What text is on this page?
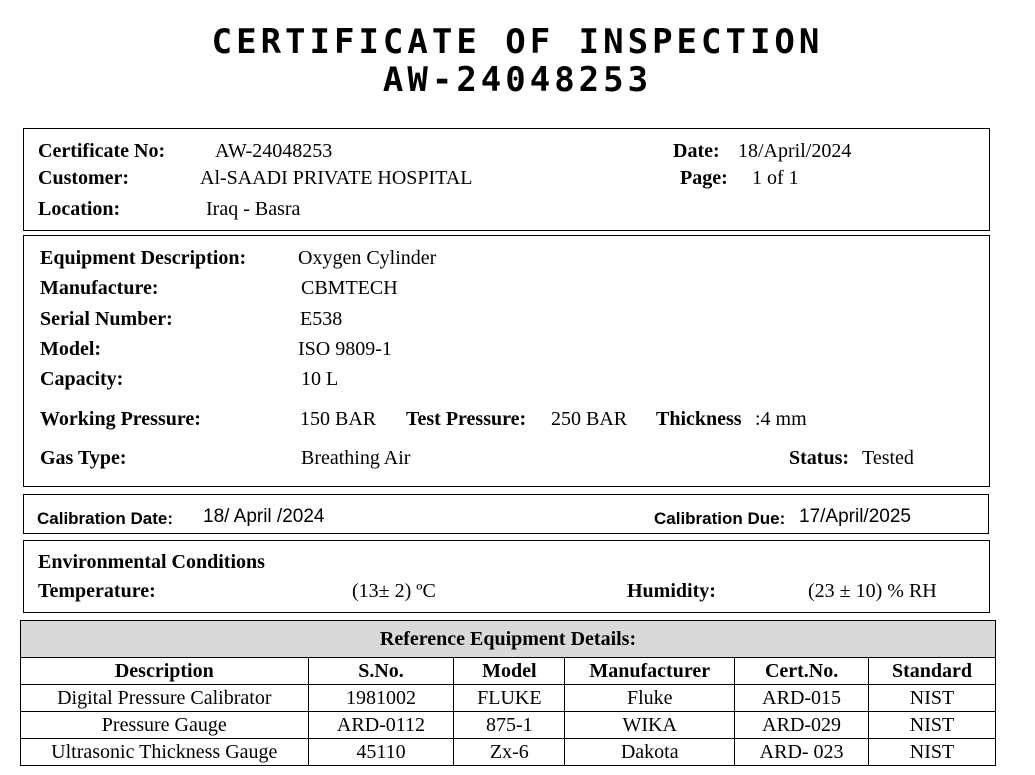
CERTIFICATE OF INSPECTION
AW-24048253
Certificate No: AW-24048253
Customer:	Al-SAADI PRIVATE HOSPITAL
Location:	Iraq - Basra
Date: 18/April/2024
Page: 1 of 1
Equipment Description:	Oxygen Cylinder
Manufacture:	CBMTECH
Serial Number:	E538
Model:	ISO 9809-1
Capacity:	10 L
Working Pressure:	150 BAR Test Pressure: 250 BAR Thickness :4 mm
Gas Type:	Breathing Air	Status: Tested
Calibration Date: 18/ April /2024	Calibration Due: 17/April/2025
Environmental Conditions
Temperature:	(13± 2) ºC	Humidity:	(23 ± 10) % RH
Reference Equipment Details:					
Description	S.No.	Model	Manufacturer	Cert.No.	Standard
Digital Pressure Calibrator	1981002	FLUKE	Fluke	ARD-015	NIST
Pressure Gauge	ARD-0112	875-1	WIKA	ARD-029	NIST
Ultrasonic Thickness Gauge	45110	Zx-6	Dakota	ARD- 023	NIST
